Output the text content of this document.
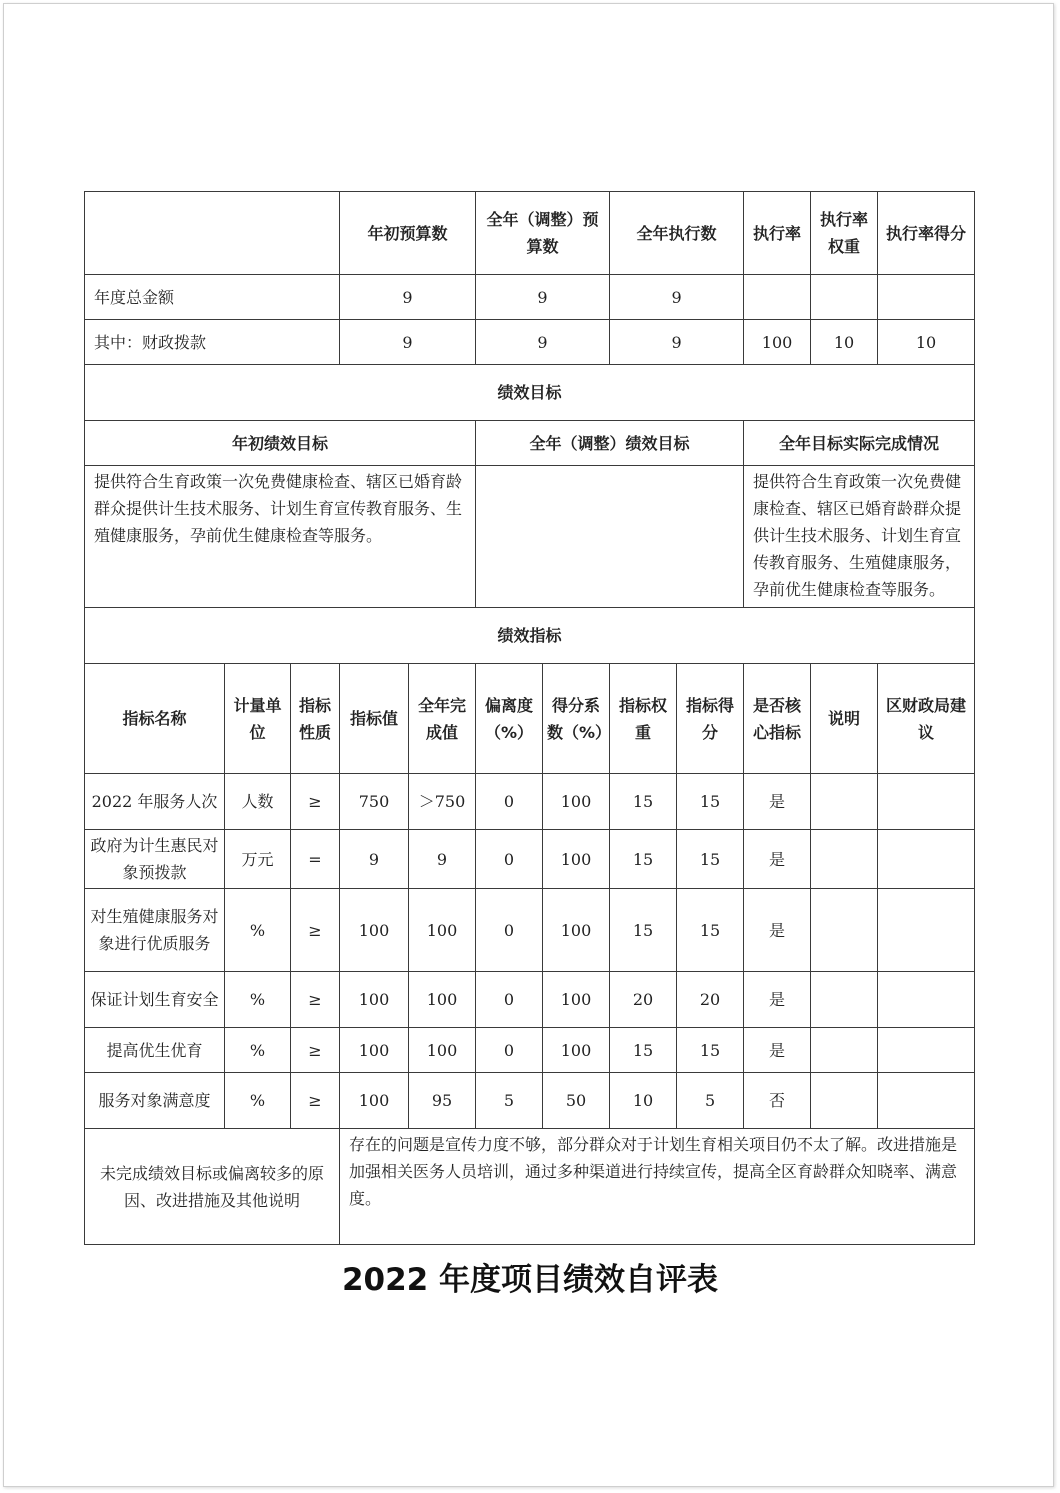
			年初预算数		全年（调整）预算数		全年执行数		执行率	执行率权重	执行率得分
年度总金额			9		9		9				
其中：财政拨款			9		9		9		100	10	10
绩效目标											
年初绩效目标					全年（调整）绩效目标				全年目标实际完成情况		
提供符合生育政策一次免费健康检查、辖区已婚育龄群众提供计生技术服务、计划生育宣传教育服务、生殖健康服务，孕前优生健康检查等服务。									提供符合生育政策一次免费健康检查、辖区已婚育龄群众提供计生技术服务、计划生育宣传教育服务、生殖健康服务，孕前优生健康检查等服务。		
绩效指标											
指标名称	计量单位	指标性质	指标值	全年完成值	偏离度（%）	得分系数（%）	指标权重	指标得分	是否核心指标	说明	区财政局建议
2022 年服务人次	人数	≥	750	＞750	0	100	15	15	是		
政府为计生惠民对象预拨款	万元	=	9	9	0	100	15	15	是		
对生殖健康服务对象进行优质服务	%	≥	100	100	0	100	15	15	是		
保证计划生育安全	%	≥	100	100	0	100	20	20	是		
提高优生优育	%	≥	100	100	0	100	15	15	是		
服务对象满意度	%	≥	100	95	5	50	10	5	否		
未完成绩效目标或偏离较多的原因、改进措施及其他说明			存在的问题是宣传力度不够，部分群众对于计划生育相关项目仍不太了解。改进措施是加强相关医务人员培训，通过多种渠道进行持续宣传，提高全区育龄群众知晓率、满意度。								
2022 年度项目绩效自评表
